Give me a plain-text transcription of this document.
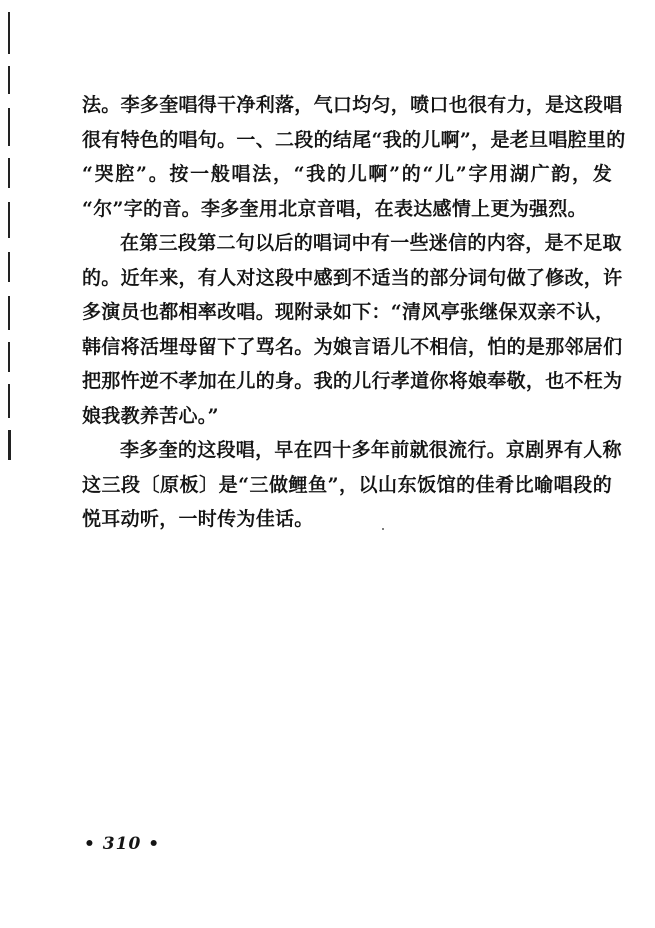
法。李多奎唱得干净利落，气口均匀，喷口也很有力，是这段唱
很有特色的唱句。一、二段的结尾“我的儿啊”，是老旦唱腔里的
“哭腔”。按一般唱法，“我的儿啊”的“儿”字用湖广韵，发
“尔”字的音。李多奎用北京音唱，在表达感情上更为强烈。

在第三段第二句以后的唱词中有一些迷信的内容，是不足取
的。近年来，有人对这段中感到不适当的部分词句做了修改，许
多演员也都相率改唱。现附录如下：“清风亭张继保双亲不认，
韩信将活埋母留下了骂名。为娘言语儿不相信，怕的是那邻居们
把那忤逆不孝加在儿的身。我的儿行孝道你将娘奉敬，也不枉为
娘我教养苦心。”

李多奎的这段唱，早在四十多年前就很流行。京剧界有人称
这三段〔原板〕是“三做鲤鱼”，以山东饭馆的佳肴比喻唱段的
悦耳动听，一时传为佳话。

• 310 •
